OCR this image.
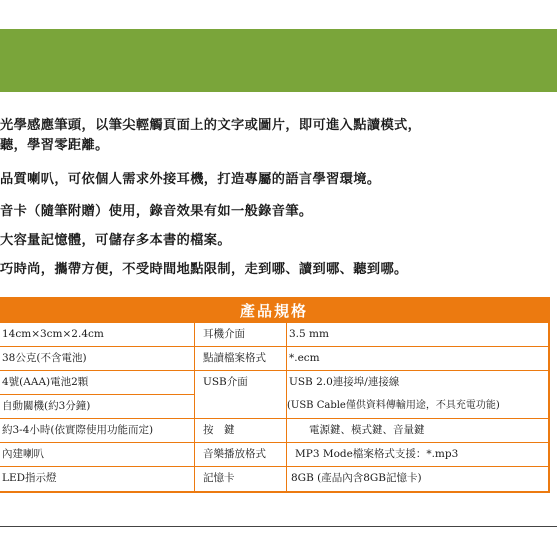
光學感應筆頭，以筆尖輕觸頁面上的文字或圖片，即可進入點讀模式，
聽，學習零距離。
品質喇叭，可依個人需求外接耳機，打造專屬的語言學習環境。
音卡（隨筆附贈）使用，錄音效果有如一般錄音筆。
大容量記憶體，可儲存多本書的檔案。
巧時尚，攜帶方便，不受時間地點限制，走到哪、讀到哪、聽到哪。
產品規格
14cm×3cm×2.4cm
38公克(不含電池)
4號(AAA)電池2顆
自動關機(約3分鐘)
約3-4小時(依實際使用功能而定)
內建喇叭
LED指示燈
耳機介面
點讀檔案格式
USB介面
按　鍵
音樂播放格式
記憶卡
3.5 mm
*.ecm
USB 2.0連接埠/連接線
(USB Cable僅供資料傳輸用途，不具充電功能)
電源鍵、模式鍵、音量鍵
MP3 Mode檔案格式支援：*.mp3
8GB (產品內含8GB記憶卡)
